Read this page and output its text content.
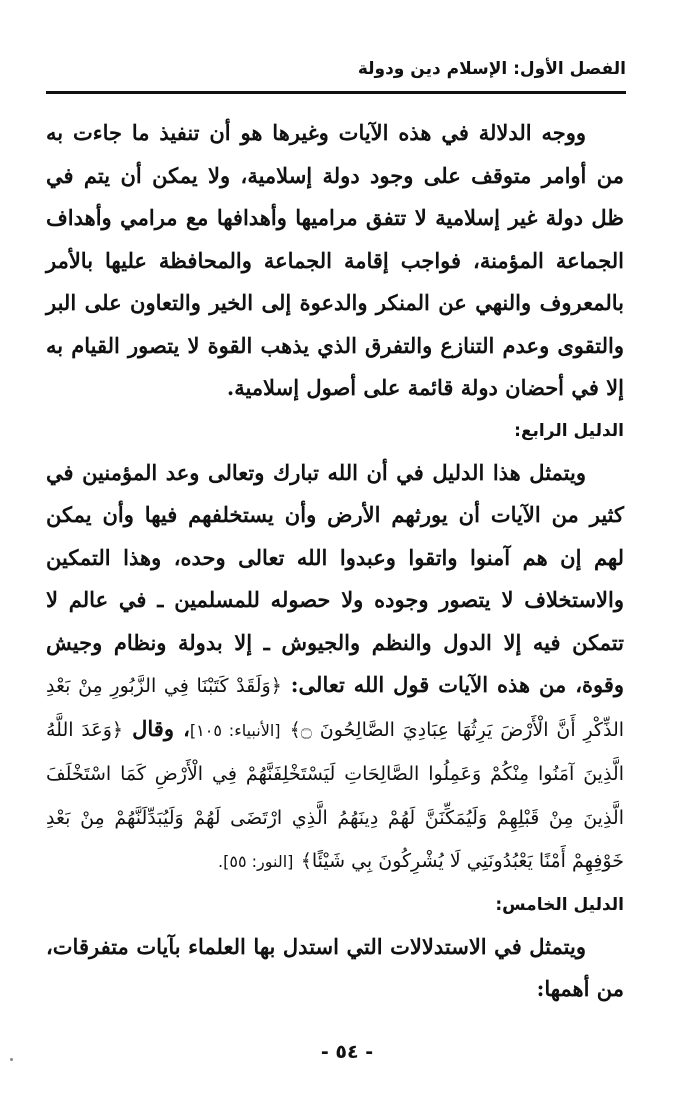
الفصل الأول: الإسلام دين ودولة

ووجه الدلالة في هذه الآيات وغيرها هو أن تنفيذ ما جاءت به من أوامر متوقف على وجود دولة إسلامية، ولا يمكن أن يتم في ظل دولة غير إسلامية لا تتفق مراميها وأهدافها مع مرامي وأهداف الجماعة المؤمنة، فواجب إقامة الجماعة والمحافظة عليها بالأمر بالمعروف والنهي عن المنكر والدعوة إلى الخير والتعاون على البر والتقوى وعدم التنازع والتفرق الذي يذهب القوة لا يتصور القيام به إلا في أحضان دولة قائمة على أصول إسلامية.

الدليل الرابع:

ويتمثل هذا الدليل في أن الله تبارك وتعالى وعد المؤمنين في كثير من الآيات أن يورثهم الأرض وأن يستخلفهم فيها وأن يمكن لهم إن هم آمنوا واتقوا وعبدوا الله تعالى وحده، وهذا التمكين والاستخلاف لا يتصور وجوده ولا حصوله للمسلمين ـ في عالم لا تتمكن فيه إلا الدول والنظم والجيوش ـ إلا بدولة ونظام وجيش وقوة، من هذه الآيات قول الله تعالى: ﴿وَلَقَدْ كَتَبْنَا فِي الزَّبُورِ مِنْ بَعْدِ الذِّكْرِ أَنَّ الْأَرْضَ يَرِثُهَا عِبَادِيَ الصَّالِحُونَ ۝﴾ [الأنبياء: ١٠٥]، وقال ﴿وَعَدَ اللَّهُ الَّذِينَ آمَنُوا مِنْكُمْ وَعَمِلُوا الصَّالِحَاتِ لَيَسْتَخْلِفَنَّهُمْ فِي الْأَرْضِ كَمَا اسْتَخْلَفَ الَّذِينَ مِنْ قَبْلِهِمْ وَلَيُمَكِّنَنَّ لَهُمْ دِينَهُمُ الَّذِي ارْتَضَى لَهُمْ وَلَيُبَدِّلَنَّهُمْ مِنْ بَعْدِ خَوْفِهِمْ أَمْنًا يَعْبُدُونَنِي لَا يُشْرِكُونَ بِي شَيْئًا﴾ [النور: ٥٥].

الدليل الخامس:

ويتمثل في الاستدلالات التي استدل بها العلماء بآيات متفرقات، من أهمها:

- ٥٤ -
